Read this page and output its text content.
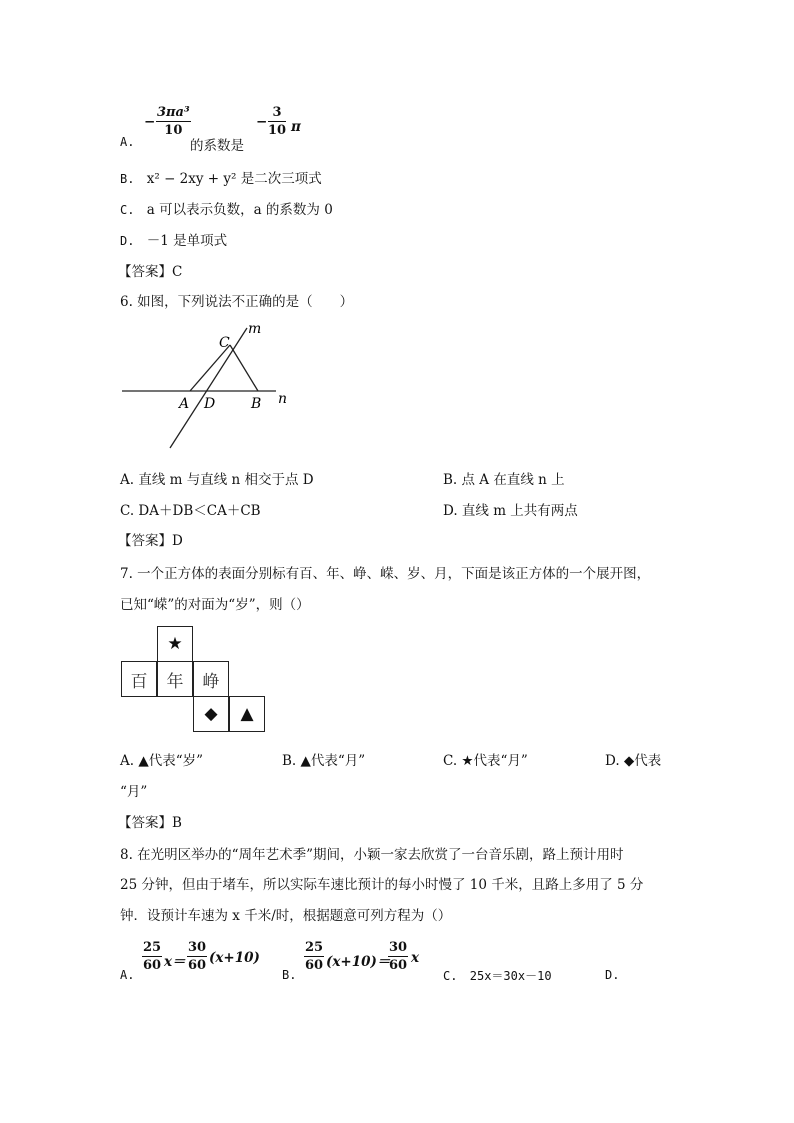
A.
− $\frac{\text{3πa³}}{10}$
的系数是
− $\frac{3}{10}$ π
B. x² − 2xy + y² 是二次三项式
C. a 可以表示负数，a 的系数为 0
D. －1 是单项式
【答案】C
6. 如图，下列说法不正确的是（　　）
C
m
A D	B n
A. 直线 m 与直线 n 相交于点 D	B. 点 A 在直线 n 上
C. DA＋DB＜CA＋CB	D. 直线 m 上共有两点
【答案】D
7. 一个正方体的表面分别标有百、年、峥、嵘、岁、月，下面是该正方体的一个展开图，
已知“嵘”的对面为“岁”，则（）
★
百 年 峥
◆ ▲
A. ▲代表“岁”	B. ▲代表“月”	C. ★代表“月”	D. ◆代表
“月”
【答案】B
8. 在光明区举办的“周年艺术季”期间，小颖一家去欣赏了一台音乐剧，路上预计用时
25 分钟，但由于堵车，所以实际车速比预计的每小时慢了 10 千米，且路上多用了 5 分
钟．设预计车速为 x 千米/时，根据题意可列方程为（）
A.
$\frac{25}{60} x= \frac{30}{60} (x+10)$
B.
$\frac{25}{60} (x+10)=$
$\frac{30}{60}$ x
C. 25x＝30x－10	D.
